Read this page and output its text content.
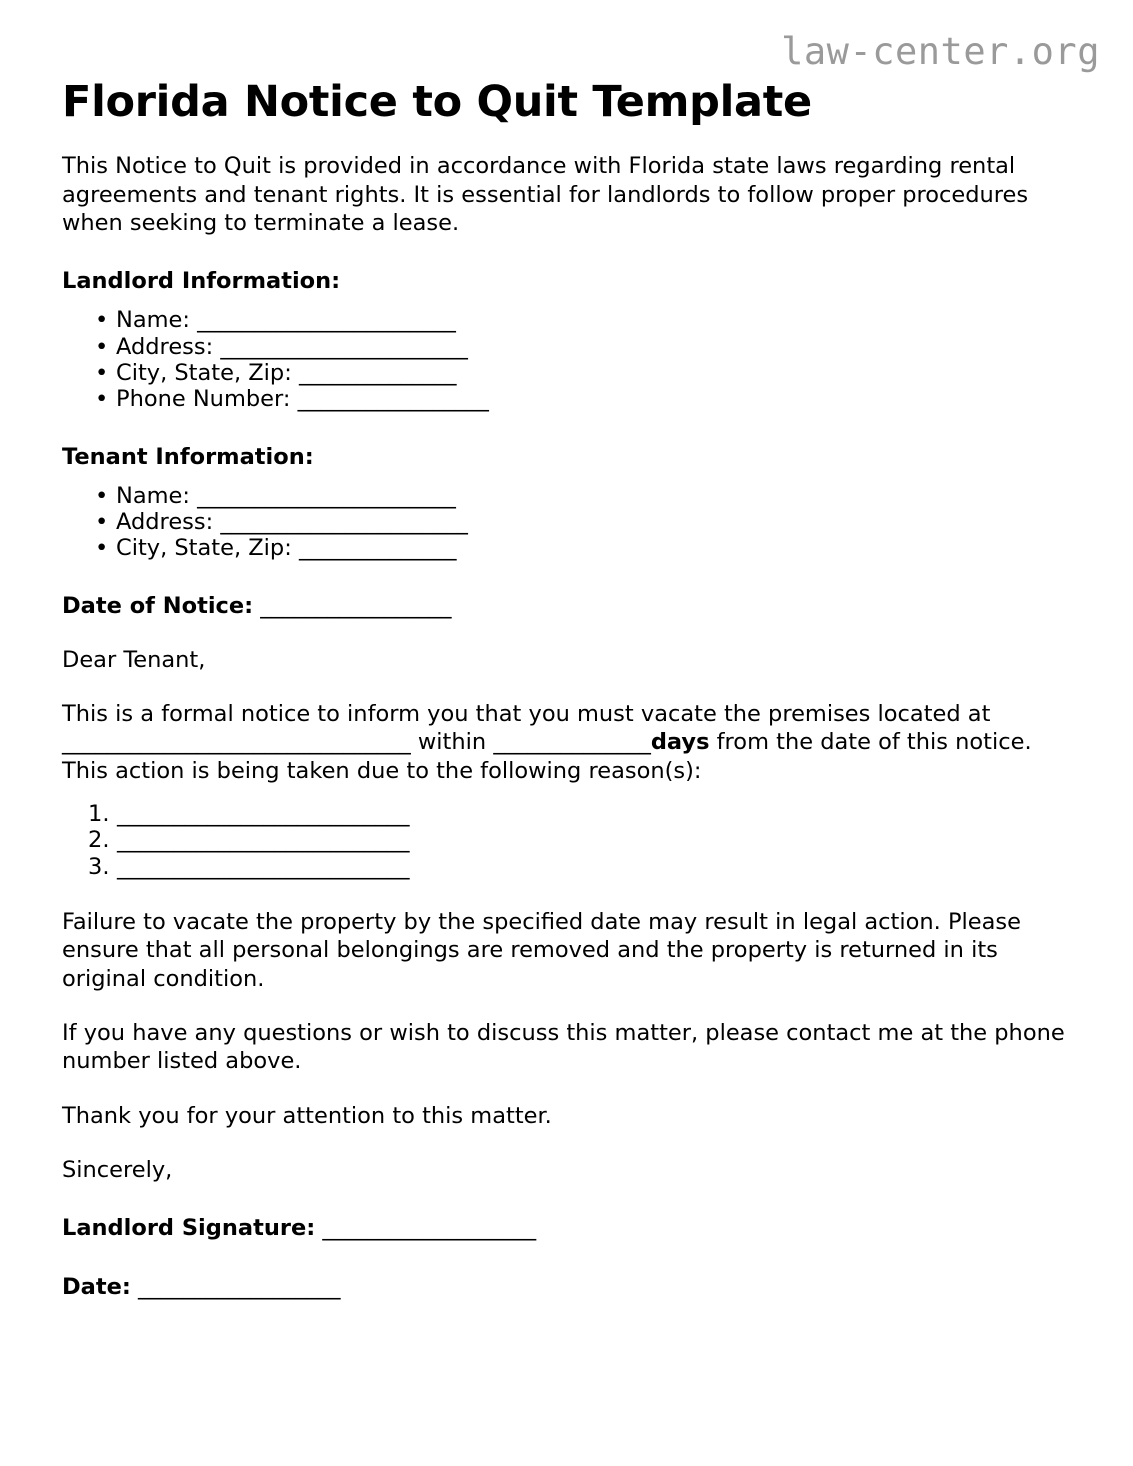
law-center.org
Florida Notice to Quit Template

This Notice to Quit is provided in accordance with Florida state laws regarding rental agreements and tenant rights. It is essential for landlords to follow proper procedures when seeking to terminate a lease.

Landlord Information:
• Name: _______________________
• Address: ______________________
• City, State, Zip: ______________
• Phone Number: _________________
Tenant Information:
• Name: _______________________
• Address: ______________________
• City, State, Zip: ______________

Date of Notice: _________________

Dear Tenant,

This is a formal notice to inform you that you must vacate the premises located at _______________________________ within ______________days from the date of this notice. This action is being taken due to the following reason(s):

1. __________________________
2. __________________________
3. __________________________

Failure to vacate the property by the specified date may result in legal action. Please ensure that all personal belongings are removed and the property is returned in its original condition.

If you have any questions or wish to discuss this matter, please contact me at the phone number listed above.

Thank you for your attention to this matter.

Sincerely,

Landlord Signature: ___________________

Date: __________________
